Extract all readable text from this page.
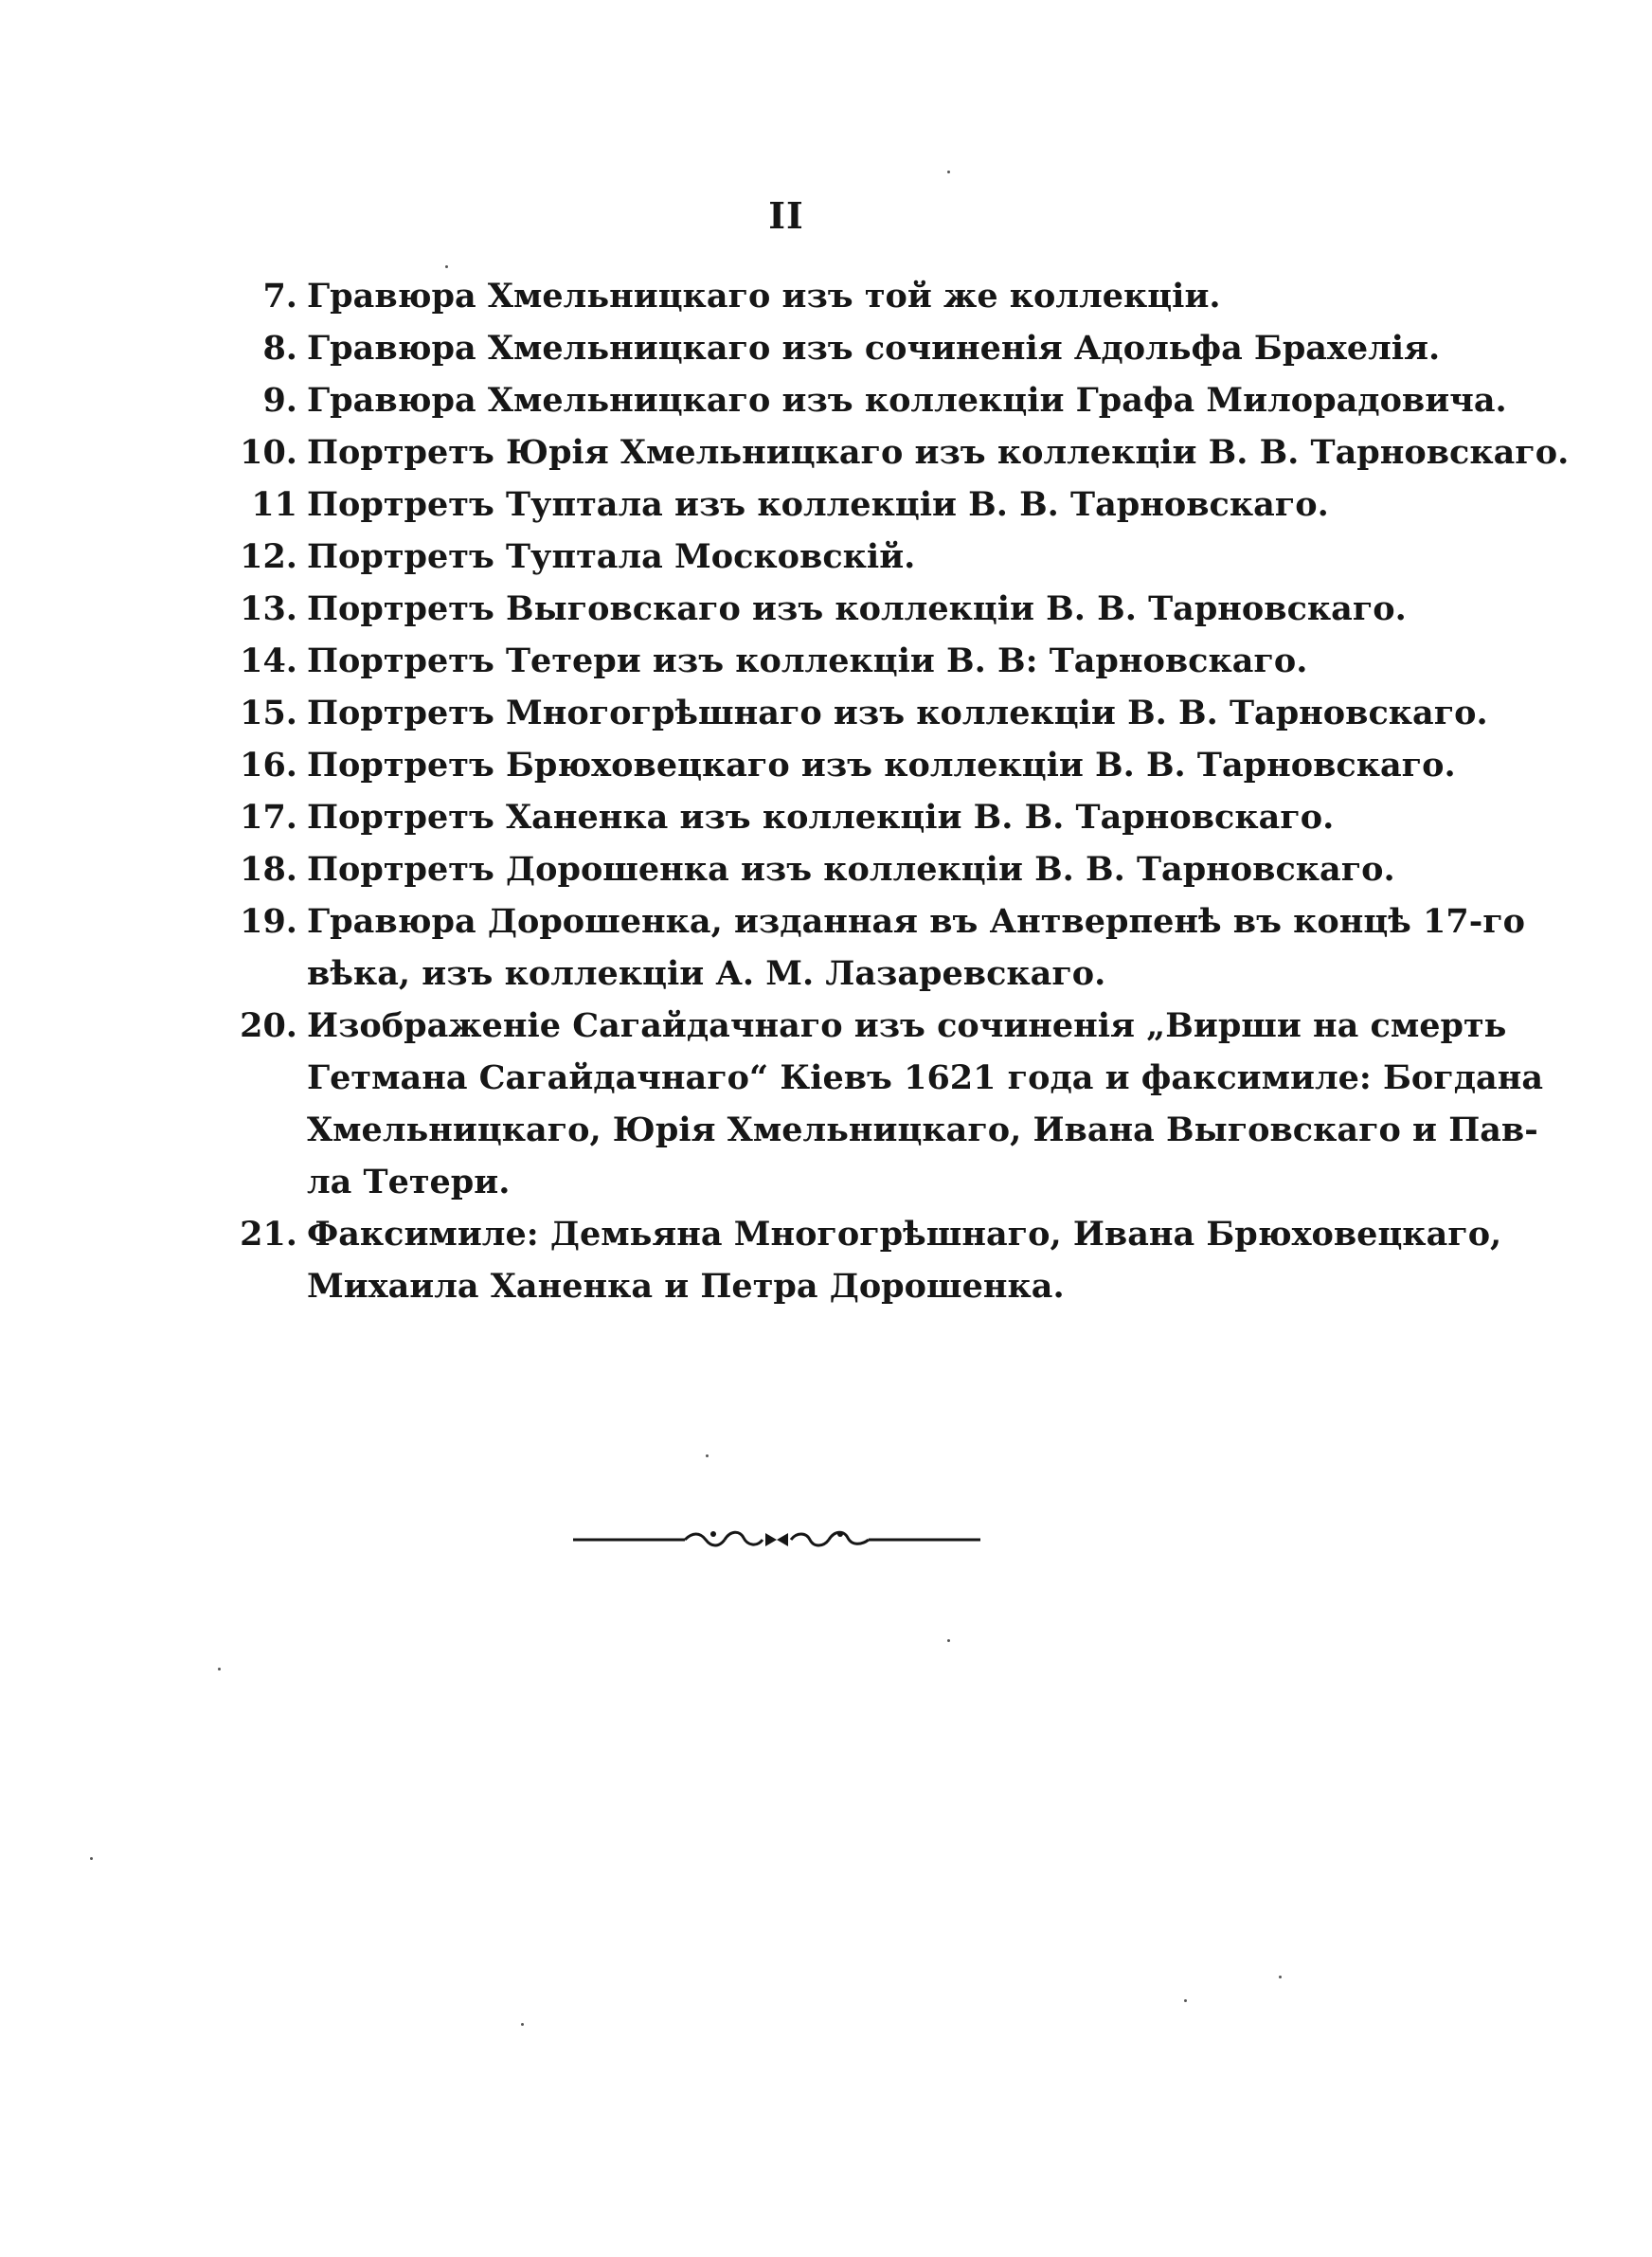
II
7. Гравюра Хмельницкаго изъ той же коллекціи.
8. Гравюра Хмельницкаго изъ сочиненія Адольфа Брахелія.
9. Гравюра Хмельницкаго изъ коллекціи Графа Милорадовича.
10. Портретъ Юрія Хмельницкаго изъ коллекціи В. В. Тарновскаго.
11 Портретъ Туптала изъ коллекціи В. В. Тарновскаго.
12. Портретъ Туптала Московскій.
13. Портретъ Выговскаго изъ коллекціи В. В. Тарновскаго.
14. Портретъ Тетери изъ коллекціи В. В: Тарновскаго.
15. Портретъ Многогрѣшнаго изъ коллекціи В. В. Тарновскаго.
16. Портретъ Брюховецкаго изъ коллекціи В. В. Тарновскаго.
17. Портретъ Ханенка изъ коллекціи В. В. Тарновскаго.
18. Портретъ Дорошенка изъ коллекціи В. В. Тарновскаго.
19. Гравюра Дорошенка, изданная въ Антверпенѣ въ концѣ 17-го
вѣка, изъ коллекціи А. М. Лазаревскаго.
20. Изображеніе Сагайдачнаго изъ сочиненія „Вирши на смерть
Гетмана Сагайдачнаго“ Кіевъ 1621 года и факсимиле: Богдана
Хмельницкаго, Юрія Хмельницкаго, Ивана Выговскаго и Пав-
ла Тетери.
21. Факсимиле: Демьяна Многогрѣшнаго, Ивана Брюховецкаго,
Михаила Ханенка и Петра Дорошенка.
